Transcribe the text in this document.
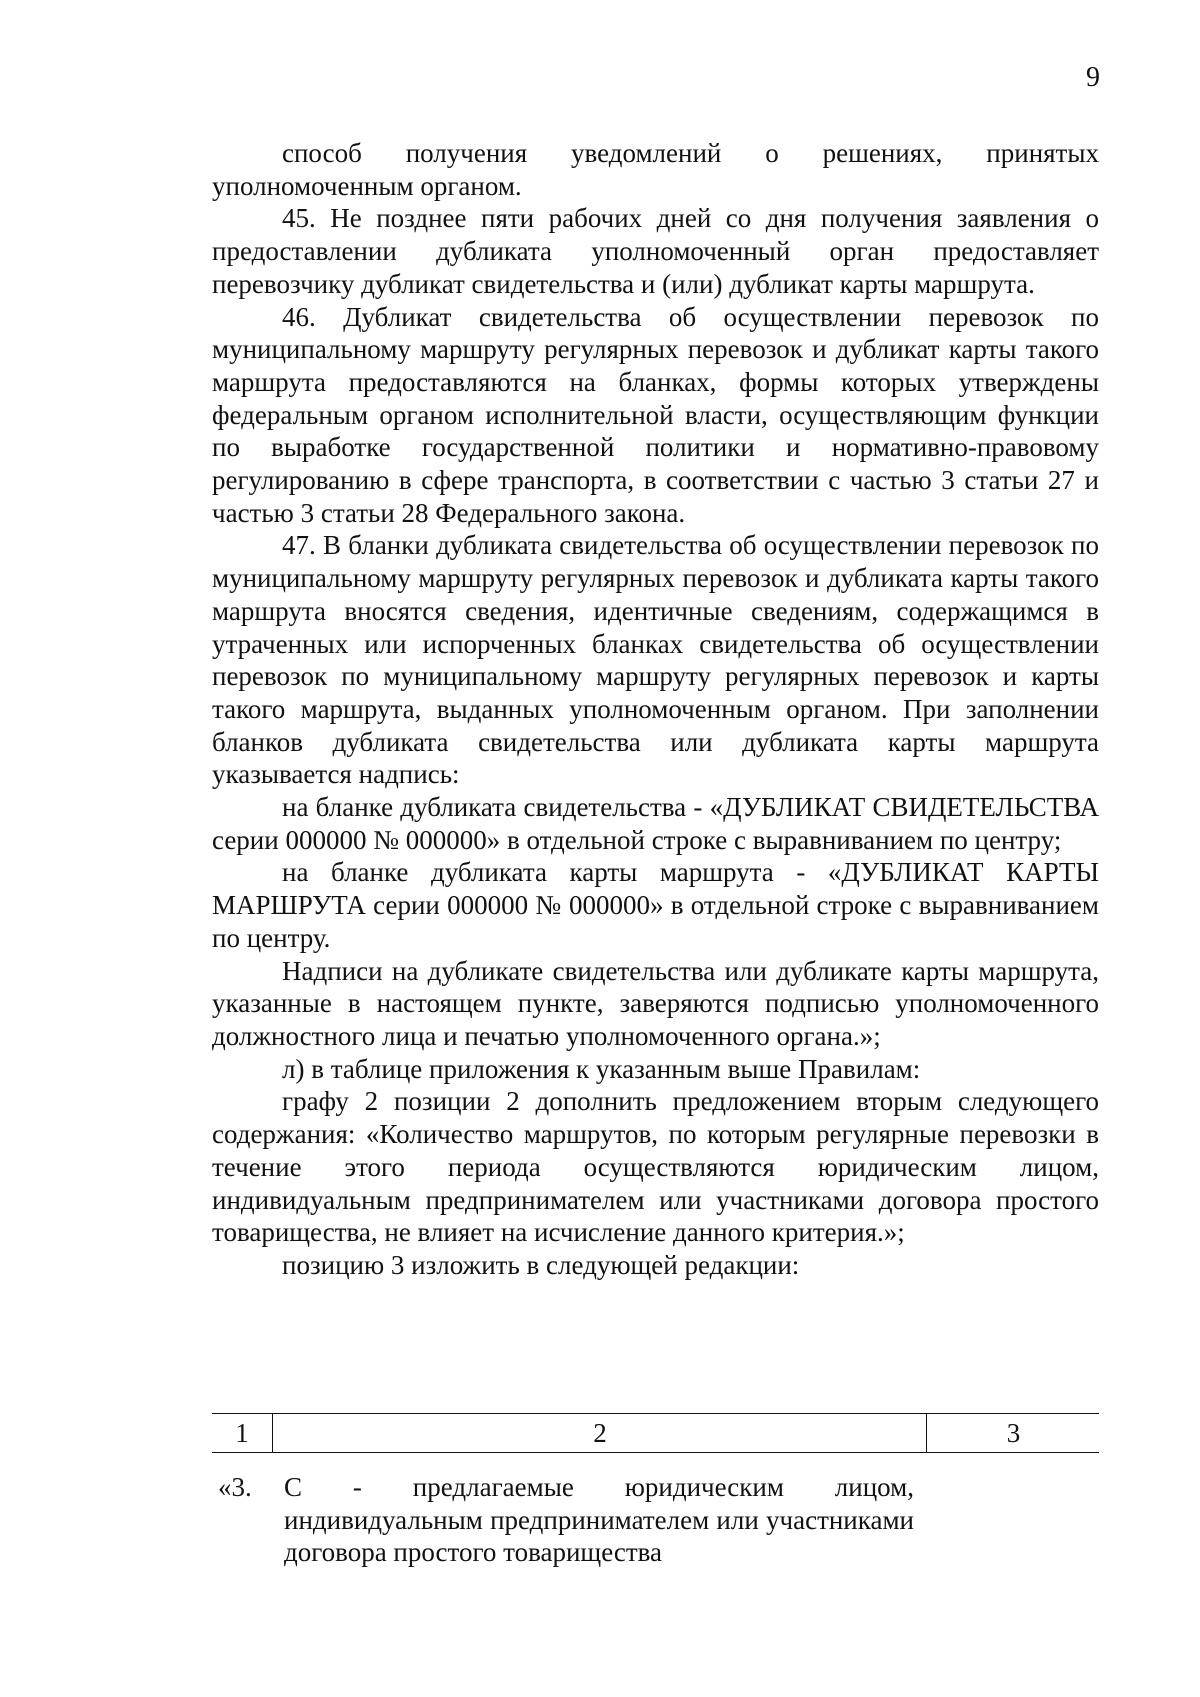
9

способ получения уведомлений о решениях, принятых уполномоченным органом.

45. Не позднее пяти рабочих дней со дня получения заявления о предоставлении дубликата уполномоченный орган предоставляет перевозчику дубликат свидетельства и (или) дубликат карты маршрута.

46. Дубликат свидетельства об осуществлении перевозок по муниципальному маршруту регулярных перевозок и дубликат карты такого маршрута предоставляются на бланках, формы которых утверждены федеральным органом исполнительной власти, осуществляющим функции по выработке государственной политики и нормативно-правовому регулированию в сфере транспорта, в соответствии с частью 3 статьи 27 и частью 3 статьи 28 Федерального закона.

47. В бланки дубликата свидетельства об осуществлении перевозок по муниципальному маршруту регулярных перевозок и дубликата карты такого маршрута вносятся сведения, идентичные сведениям, содержащимся в утраченных или испорченных бланках свидетельства об осуществлении перевозок по муниципальному маршруту регулярных перевозок и карты такого маршрута, выданных уполномоченным органом. При заполнении бланков дубликата свидетельства или дубликата карты маршрута указывается надпись:

на бланке дубликата свидетельства - «ДУБЛИКАТ СВИДЕТЕЛЬСТВА серии 000000 № 000000» в отдельной строке с выравниванием по центру;

на бланке дубликата карты маршрута - «ДУБЛИКАТ КАРТЫ МАРШРУТА серии 000000 № 000000» в отдельной строке с выравниванием по центру.

Надписи на дубликате свидетельства или дубликате карты маршрута, указанные в настоящем пункте, заверяются подписью уполномоченного должностного лица и печатью уполномоченного органа.»;

л) в таблице приложения к указанным выше Правилам:

графу 2 позиции 2 дополнить предложением вторым следующего содержания: «Количество маршрутов, по которым регулярные перевозки в течение этого периода осуществляются юридическим лицом, индивидуальным предпринимателем или участниками договора простого товарищества, не влияет на исчисление данного критерия.»;

позицию 3 изложить в следующей редакции:

1	2	3
«3. С - предлагаемые юридическим лицом, индивидуальным предпринимателем или участниками договора простого товарищества
